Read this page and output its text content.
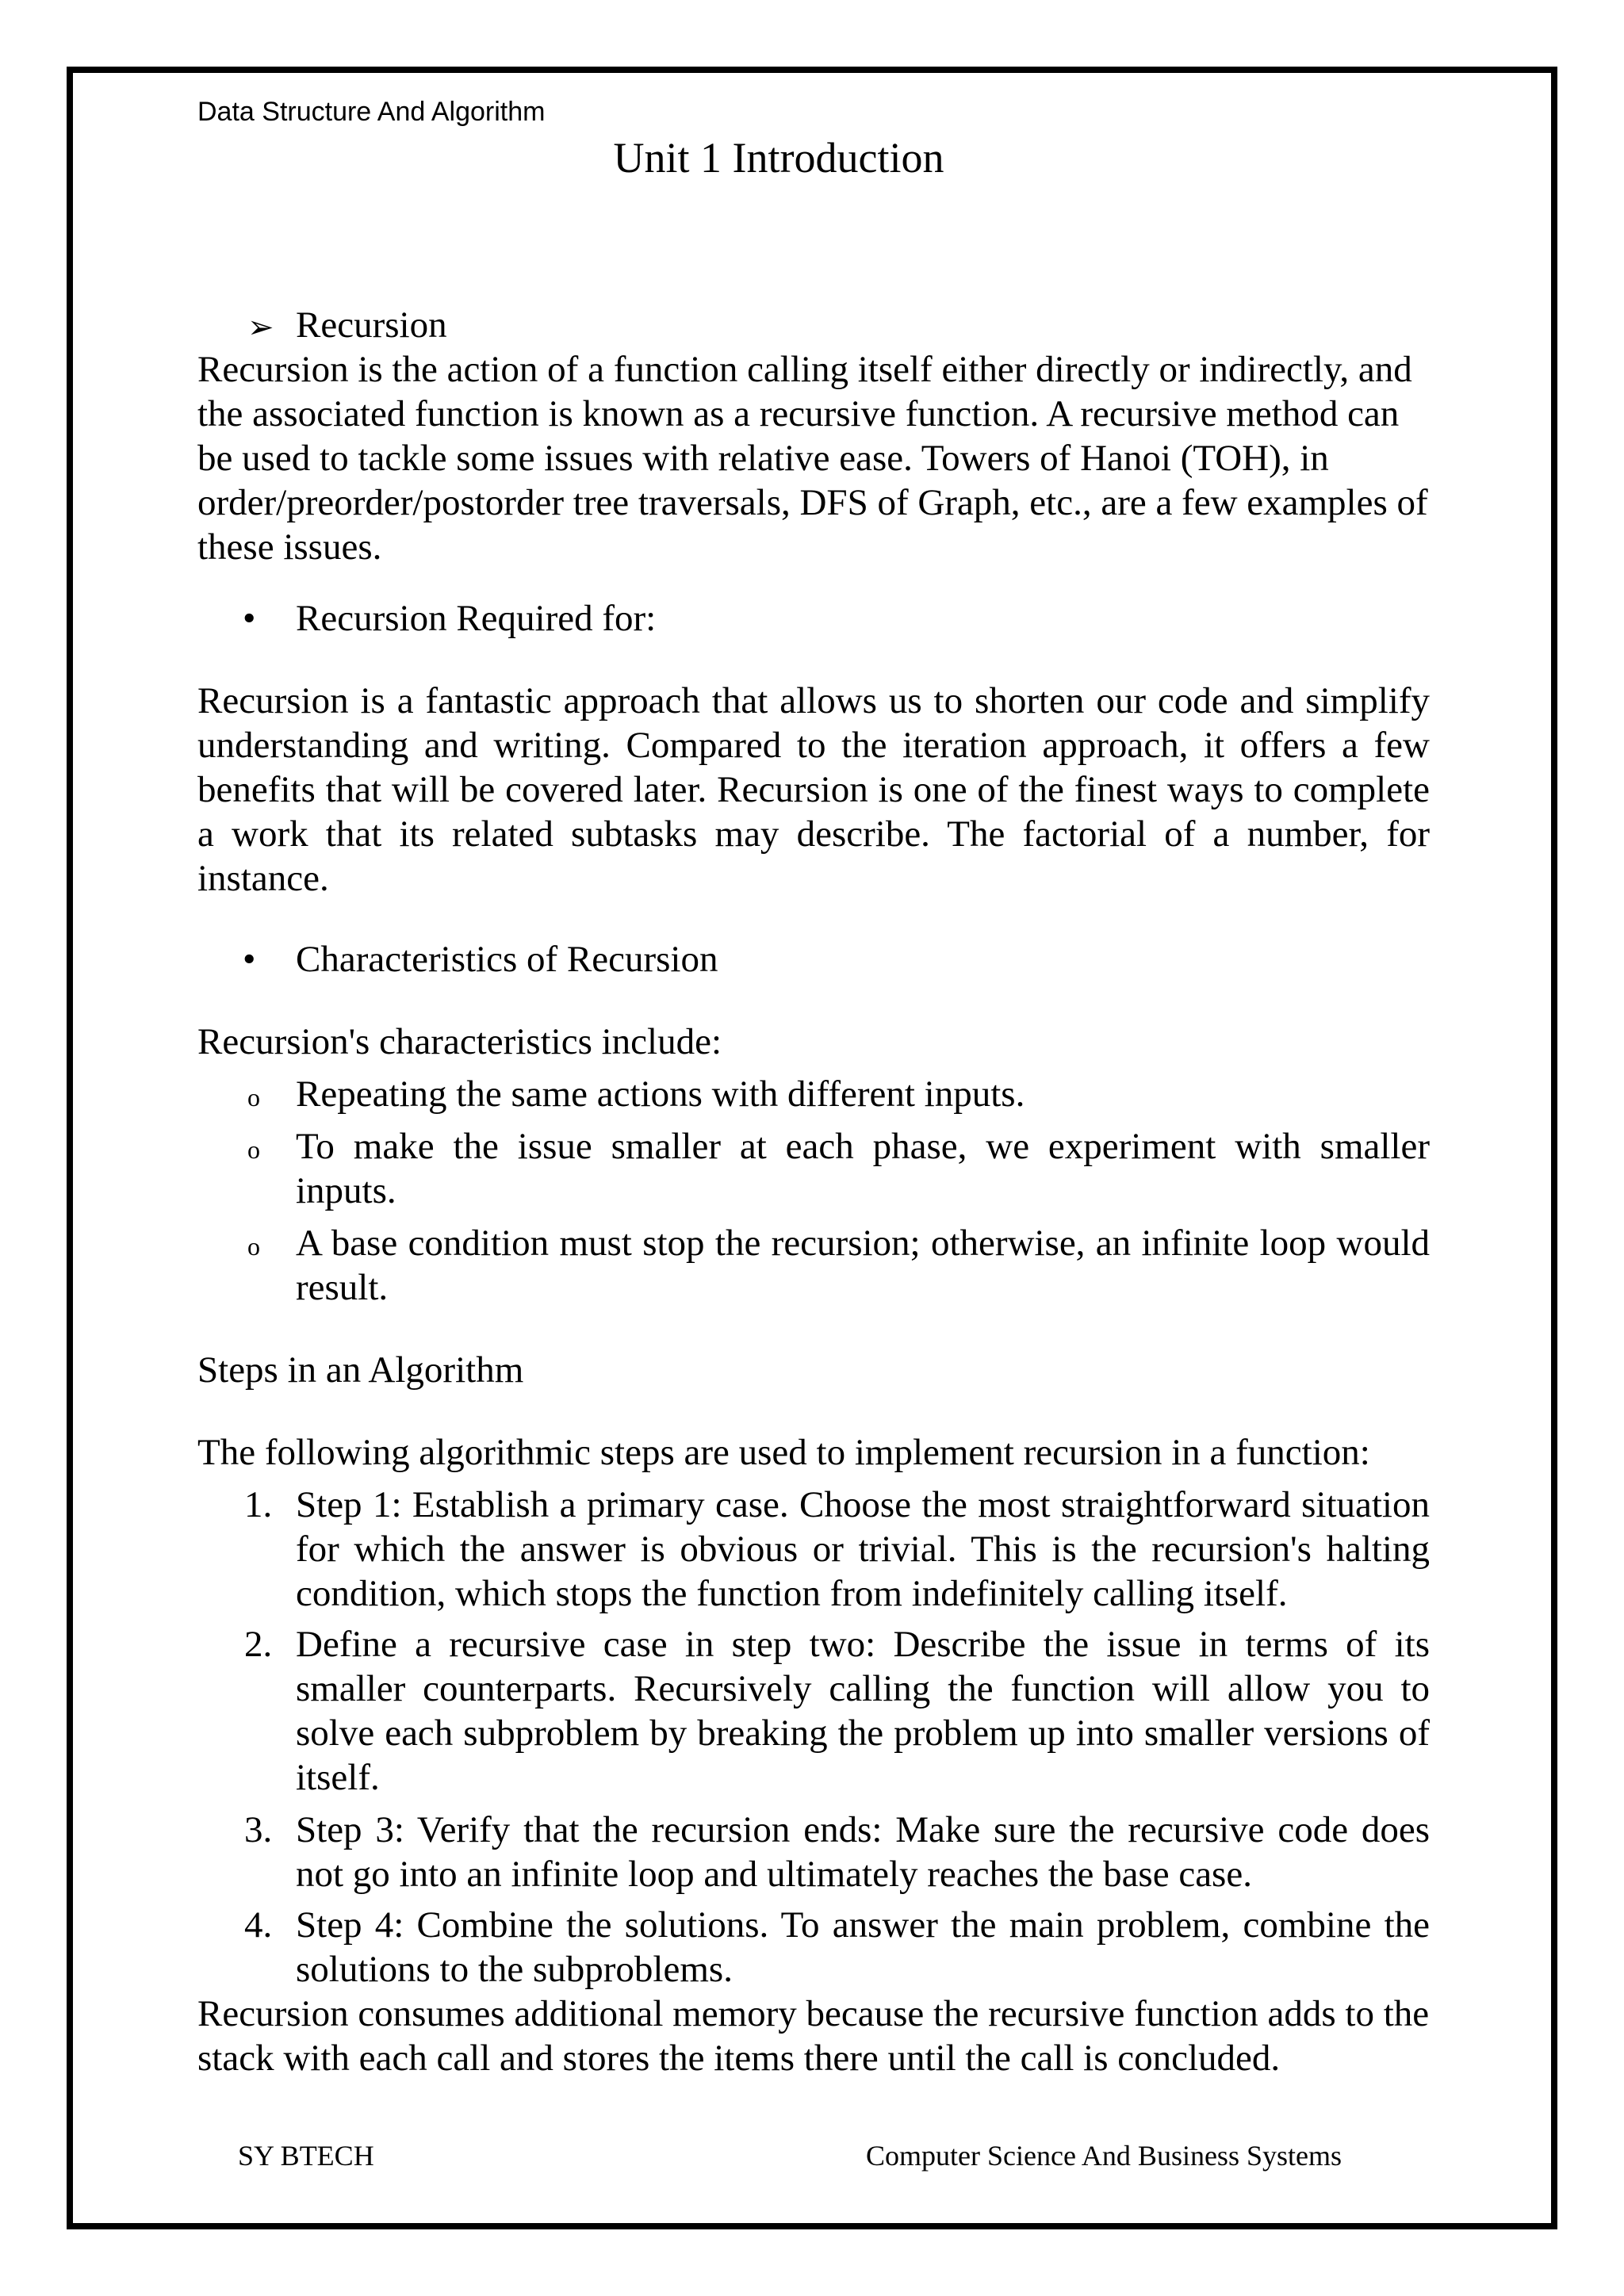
Data Structure And Algorithm

Unit 1 Introduction

➢ Recursion

Recursion is the action of a function calling itself either directly or indirectly, and the associated function is known as a recursive function. A recursive method can be used to tackle some issues with relative ease. Towers of Hanoi (TOH), in order/preorder/postorder tree traversals, DFS of Graph, etc., are a few examples of these issues.

• Recursion Required for:

Recursion is a fantastic approach that allows us to shorten our code and simplify understanding and writing. Compared to the iteration approach, it offers a few benefits that will be covered later. Recursion is one of the finest ways to complete a work that its related subtasks may describe. The factorial of a number, for instance.

• Characteristics of Recursion

Recursion's characteristics include:

o Repeating the same actions with different inputs.

o To make the issue smaller at each phase, we experiment with smaller inputs.

o A base condition must stop the recursion; otherwise, an infinite loop would result.

Steps in an Algorithm

The following algorithmic steps are used to implement recursion in a function:

1. Step 1: Establish a primary case. Choose the most straightforward situation for which the answer is obvious or trivial. This is the recursion's halting condition, which stops the function from indefinitely calling itself.

2. Define a recursive case in step two: Describe the issue in terms of its smaller counterparts. Recursively calling the function will allow you to solve each subproblem by breaking the problem up into smaller versions of itself.

3. Step 3: Verify that the recursion ends: Make sure the recursive code does not go into an infinite loop and ultimately reaches the base case.

4. Step 4: Combine the solutions. To answer the main problem, combine the solutions to the subproblems.

Recursion consumes additional memory because the recursive function adds to the stack with each call and stores the items there until the call is concluded.

SY BTECH	Computer Science And Business Systems
